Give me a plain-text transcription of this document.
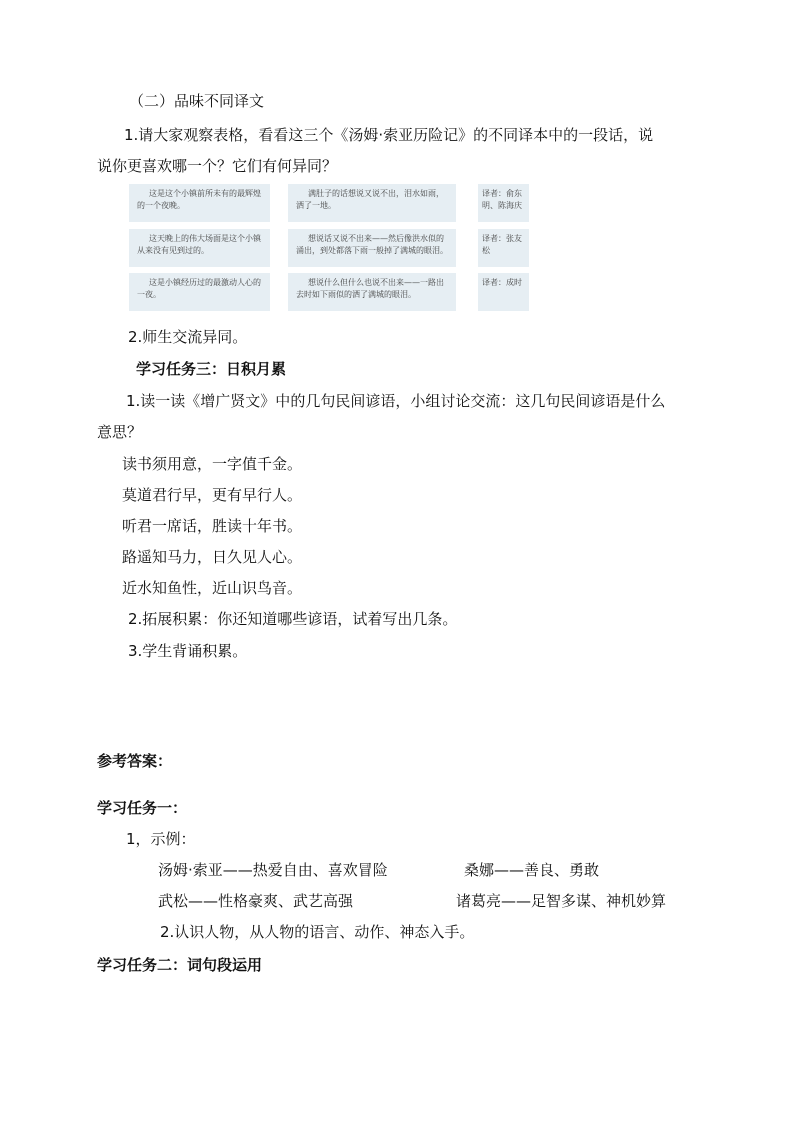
（二）品味不同译文
1.请大家观察表格，看看这三个《汤姆·索亚历险记》的不同译本中的一段话，说
说你更喜欢哪一个？它们有何异同？
这是这个小镇前所未有的最辉煌的一个夜晚。
满肚子的话想说又说不出，泪水如雨，洒了一地。
译者：俞东明、陈海庆
这天晚上的伟大场面是这个小镇从来没有见到过的。
想说话又说不出来——然后像洪水似的涌出，到处都落下雨一般掉了满城的眼泪。
译者：张友松
这是小镇经历过的最激动人心的一夜。
想说什么但什么也说不出来——一路出去时如下雨似的洒了满城的眼泪。
译者：成时
2.师生交流异同。
学习任务三：日积月累
1.读一读《增广贤文》中的几句民间谚语，小组讨论交流：这几句民间谚语是什么
意思？
读书须用意，一字值千金。
莫道君行早，更有早行人。
听君一席话，胜读十年书。
路遥知马力，日久见人心。
近水知鱼性，近山识鸟音。
2.拓展积累：你还知道哪些谚语，试着写出几条。
3.学生背诵积累。
参考答案：
学习任务一：
1，示例：
汤姆·索亚——热爱自由、喜欢冒险	桑娜——善良、勇敢
武松——性格豪爽、武艺高强	诸葛亮——足智多谋、神机妙算
2.认识人物，从人物的语言、动作、神态入手。
学习任务二：词句段运用
